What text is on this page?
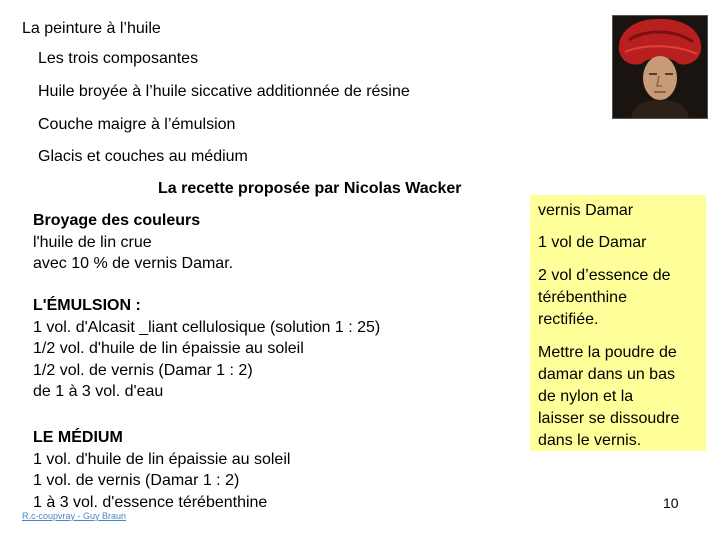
La peinture à l’huile
Les trois composantes
Huile broyée à l’huile siccative additionnée de résine
Couche maigre à l’émulsion
Glacis et couches au médium
La recette proposée par Nicolas Wacker
Broyage des couleurs
l'huile de lin crue
avec 10 % de vernis Damar.
L'ÉMULSION :
1 vol. d'Alcasit _liant cellulosique (solution 1 : 25)
1/2 vol. d'huile de lin épaissie au soleil
1/2 vol. de vernis (Damar 1 : 2)
de 1 à 3 vol. d'eau
LE MÉDIUM
1 vol. d'huile de lin épaissie au soleil
1 vol. de vernis (Damar 1 : 2)
1 à 3 vol. d'essence térébenthine
vernis Damar
1 vol de Damar
2 vol d’essence de
térébenthine
rectifiée.
Mettre la poudre de
damar dans un bas
de nylon et la
laisser se dissoudre
dans le vernis.
R.c-coupvray - Guy Braun
10
